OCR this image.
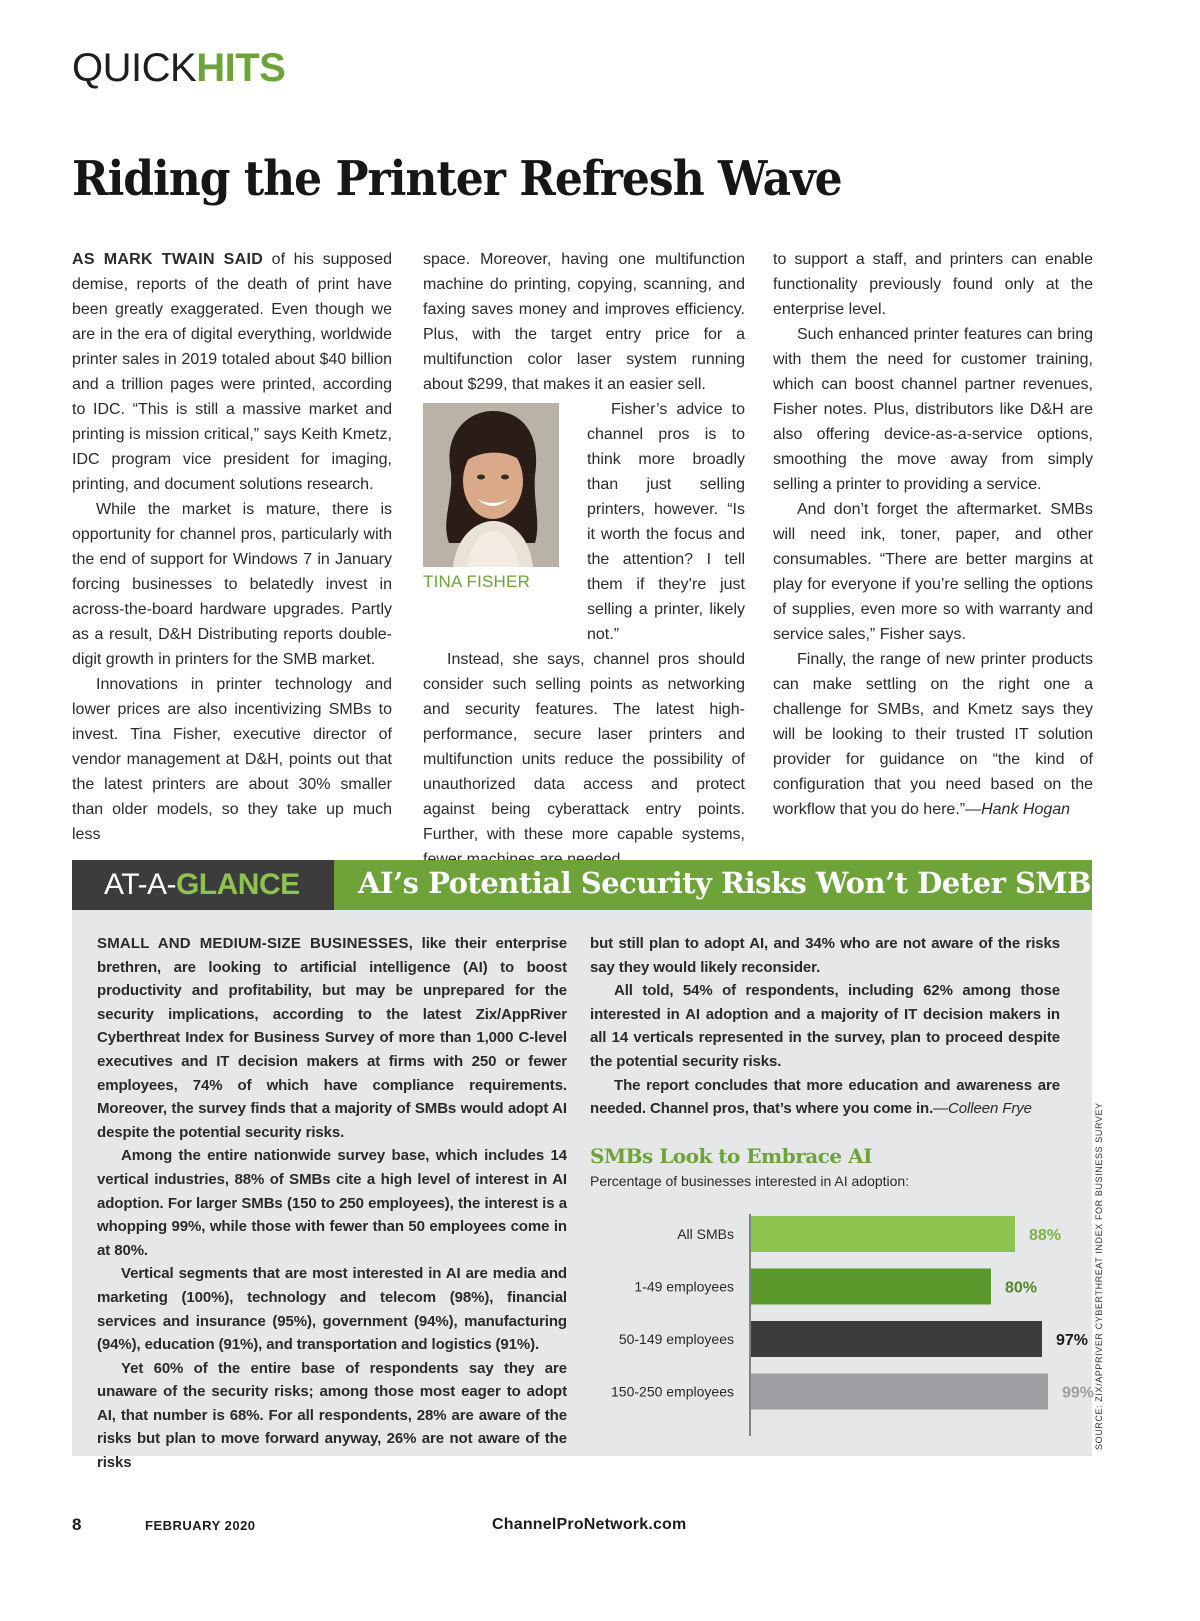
QUICKHITS
Riding the Printer Refresh Wave

AS MARK TWAIN SAID of his supposed demise, reports of the death of print have been greatly exaggerated. Even though we are in the era of digital everything, worldwide printer sales in 2019 totaled about $40 billion and a trillion pages were printed, according to IDC. “This is still a massive market and printing is mission critical,” says Keith Kmetz, IDC program vice president for imaging, printing, and document solutions research.

While the market is mature, there is opportunity for channel pros, particularly with the end of support for Windows 7 in January forcing businesses to belatedly invest in across-the-board hardware upgrades. Partly as a result, D&H Distributing reports double-digit growth in printers for the SMB market.

Innovations in printer technology and lower prices are also incentivizing SMBs to invest. Tina Fisher, executive director of vendor management at D&H, points out that the latest printers are about 30% smaller than older models, so they take up much less

space. Moreover, having one multifunction machine do printing, copying, scanning, and faxing saves money and improves efficiency. Plus, with the target entry price for a multifunction color laser system running about $299, that makes it an easier sell.

TINA FISHER

Fisher’s advice to channel pros is to think more broadly than just selling printers, however. “Is it worth the focus and the attention? I tell them if they’re just selling a printer, likely not.”

Instead, she says, channel pros should consider such selling points as networking and security features. The latest high-performance, secure laser printers and multifunction units reduce the possibility of unauthorized data access and protect against being cyberattack entry points. Further, with these more capable systems,

to support a staff, and printers can enable functionality previously found only at the enterprise level.

Such enhanced printer features can bring with them the need for customer training, which can boost channel partner revenues, Fisher notes. Plus, distributors like D&H are also offering device-as-a-service options, smoothing the move away from simply selling a printer to providing a service.

And don’t forget the aftermarket. SMBs will need ink, toner, paper, and other consumables. “There are better margins at play for everyone if you’re selling the options of supplies, even more so with warranty and service sales,” Fisher says.

Finally, the range of new printer products can make settling on the right one a challenge for SMBs, and Kmetz says they will be looking to their trusted IT solution provider for guidance on “the kind of configuration that you need based on the workflow that you do here.”—Hank Hogan

AT-A-GLANCE AI’s Potential Security Risks Won’t Deter SMBs

SMALL AND MEDIUM-SIZE BUSINESSES, like their enterprise brethren, are looking to artificial intelligence (AI) to boost productivity and profitability, but may be unprepared for the security implications, according to the latest Zix/AppRiver Cyberthreat Index for Business Survey of more than 1,000 C-level executives and IT decision makers at firms with 250 or fewer employees, 74% of which have compliance requirements. Moreover, the survey finds that a majority of SMBs would adopt AI despite the potential security risks.

Among the entire nationwide survey base, which includes 14 vertical industries, 88% of SMBs cite a high level of interest in AI adoption. For larger SMBs (150 to 250 employees), the interest is a whopping 99%, while those with fewer than 50 employees come in at 80%.

Vertical segments that are most interested in AI are media and marketing (100%), technology and telecom (98%), financial services and insurance (95%), government (94%), manufacturing (94%), education (91%), and transportation and logistics (91%).

Yet 60% of the entire base of respondents say they are unaware of the security risks; among those most eager to adopt AI, that number is 68%. For all respondents, 28% are aware of the risks but plan to move forward anyway, 26% are not aware of the risks

but still plan to adopt AI, and 34% who are not aware of the risks say they would likely reconsider.

All told, 54% of respondents, including 62% among those interested in AI adoption and a majority of IT decision makers in all 14 verticals represented in the survey, plan to proceed despite the potential security risks.

The report concludes that more education and awareness are needed. Channel pros, that’s where you come in.—Colleen Frye

SMBs Look to Embrace AI
Percentage of businesses interested in AI adoption:
All SMBs	88%
1-49 employees	80%
50-149 employees	97%
150-250 employees	99% SOURCE: ZIX/APPRIVER CYBERTHREAT INDEX FOR BUSINESS SURVEY
8	FEBRUARY 2020	ChannelProNetwork.com
